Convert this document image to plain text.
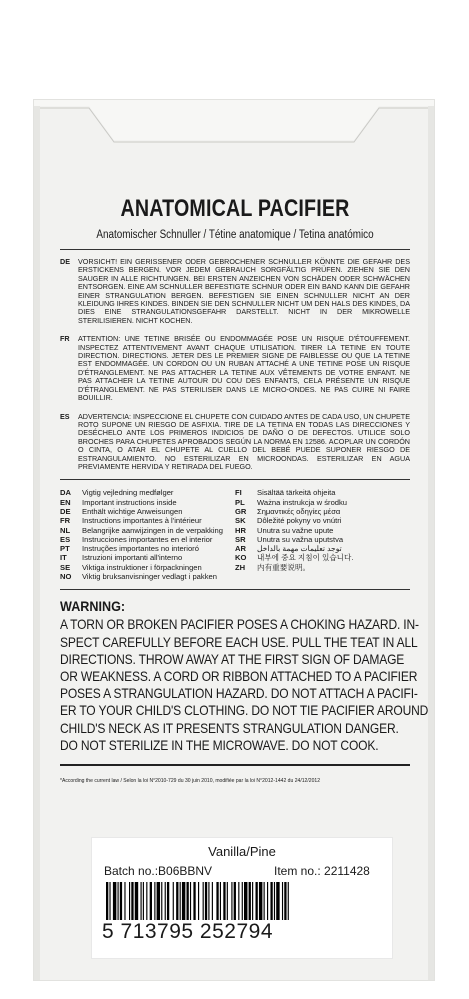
ANATOMICAL PACIFIER
Anatomischer Schnuller / Tétine anatomique / Tetina anatómico
DE	VORSICHT! EIN GERISSENER ODER GEBROCHENER SCHNULLER KÖNNTE DIE GEFAHR DES ERSTICKENS BERGEN. VOR JEDEM GEBRAUCH SORGFÄLTIG PRÜFEN. ZIEHEN SIE DEN SAUGER IN ALLE RICHTUNGEN. BEI ERSTEN ANZEICHEN VON SCHÄDEN ODER SCHWÄCHEN ENTSORGEN. EINE AM SCHNULLER BEFESTIGTE SCHNUR ODER EIN BAND KANN DIE GEFAHR EINER STRANGULATION BERGEN. BEFESTIGEN SIE EINEN SCHNULLER NICHT AN DER KLEIDUNG IHRES KINDES. BINDEN SIE DEN SCHNULLER NICHT UM DEN HALS DES KINDES, DA DIES EINE STRANGULATIONSGEFAHR DARSTELLT. NICHT IN DER MIKROWELLE STERILISIEREN. NICHT KOCHEN.
FR	ATTENTION: UNE TETINE BRISÉE OU ENDOMMAGÉE POSE UN RISQUE D'ÉTOUFFEMENT. INSPECTEZ ATTENTIVEMENT AVANT CHAQUE UTILISATION. TIRER LA TETINE EN TOUTE DIRECTION. DIRECTIONS. JETER DES LE PREMIER SIGNE DE FAIBLESSE OU QUE LA TETINE EST ENDOMMAGÉE. UN CORDON OU UN RUBAN ATTACHÉ A UNE TETINE POSE UN RISQUE D'ÉTRANGLEMENT. NE PAS ATTACHER LA TETINE AUX VÊTEMENTS DE VOTRE ENFANT. NE PAS ATTACHER LA TETINE AUTOUR DU COU DES ENFANTS, CELA PRÉSENTE UN RISQUE D'ÉTRANGLEMENT. NE PAS STERILISER DANS LE MICRO-ONDES. NE PAS CUIRE NI FAIRE BOUILLIR.
ES	ADVERTENCIA: INSPECCIONE EL CHUPETE CON CUIDADO ANTES DE CADA USO, UN CHUPETE ROTO SUPONE UN RIESGO DE ASFIXIA. TIRE DE LA TETINA EN TODAS LAS DIRECCIONES Y DESÉCHELO ANTE LOS PRIMEROS INDICIOS DE DAÑO O DE DEFECTOS. UTILICE SOLO BROCHES PARA CHUPETES APROBADOS SEGÚN LA NORMA EN 12586. ACOPLAR UN CORDÓN O CINTA, O ATAR EL CHUPETE AL CUELLO DEL BEBÉ PUEDE SUPONER RIESGO DE ESTRANGULAMIENTO. NO ESTERILIZAR EN MICROONDAS. ESTERILIZAR EN AGUA PREVIAMENTE HERVIDA Y RETIRADA DEL FUEGO.
DA	Vigtig vejledning medfølger
EN	Important instructions inside
DE	Enthält wichtige Anweisungen
FR	Instructions importantes à l'intérieur
NL	Belangrijke aanwijzingen in de verpakking
ES	Instrucciones importantes en el interior
PT	Instruções importantes no interioró
IT	Istruzioni importanti all'interno
SE	Viktiga instruktioner i förpackningen
NO	Viktig bruksanvisninger vedlagt i pakken
FI	Sisältää tärkeitä ohjeita
PL	Ważna instrukcja w środku
GR	Σημαντικές οδηγίες μέσα
SK	Dôležité pokyny vo vnútri
HR	Unutra su važne upute
SR	Unutra su važna uputstva
AR	توجد تعليمات مهمة بالداخل
KO	내부에 중요 지침이 있습니다.
ZH	内有重要说明。
WARNING:
A TORN OR BROKEN PACIFIER POSES A CHOKING HAZARD. IN-
SPECT CAREFULLY BEFORE EACH USE. PULL THE TEAT IN ALL
DIRECTIONS. THROW AWAY AT THE FIRST SIGN OF DAMAGE
OR WEAKNESS. A CORD OR RIBBON ATTACHED TO A PACIFIER
POSES A STRANGULATION HAZARD. DO NOT ATTACH A PACIFI-
ER TO YOUR CHILD'S CLOTHING. DO NOT TIE PACIFIER AROUND
CHILD'S NECK AS IT PRESENTS STRANGULATION DANGER.
DO NOT STERILIZE IN THE MICROWAVE. DO NOT COOK.
*According the current law / Selon la loi N°2010-729 du 30 juin 2010, modifiée par la loi N°2012-1442 du 24/12/2012
Vanilla/Pine
Batch no.:B06BBNV	Item no.: 2211428
5 713795 252794
